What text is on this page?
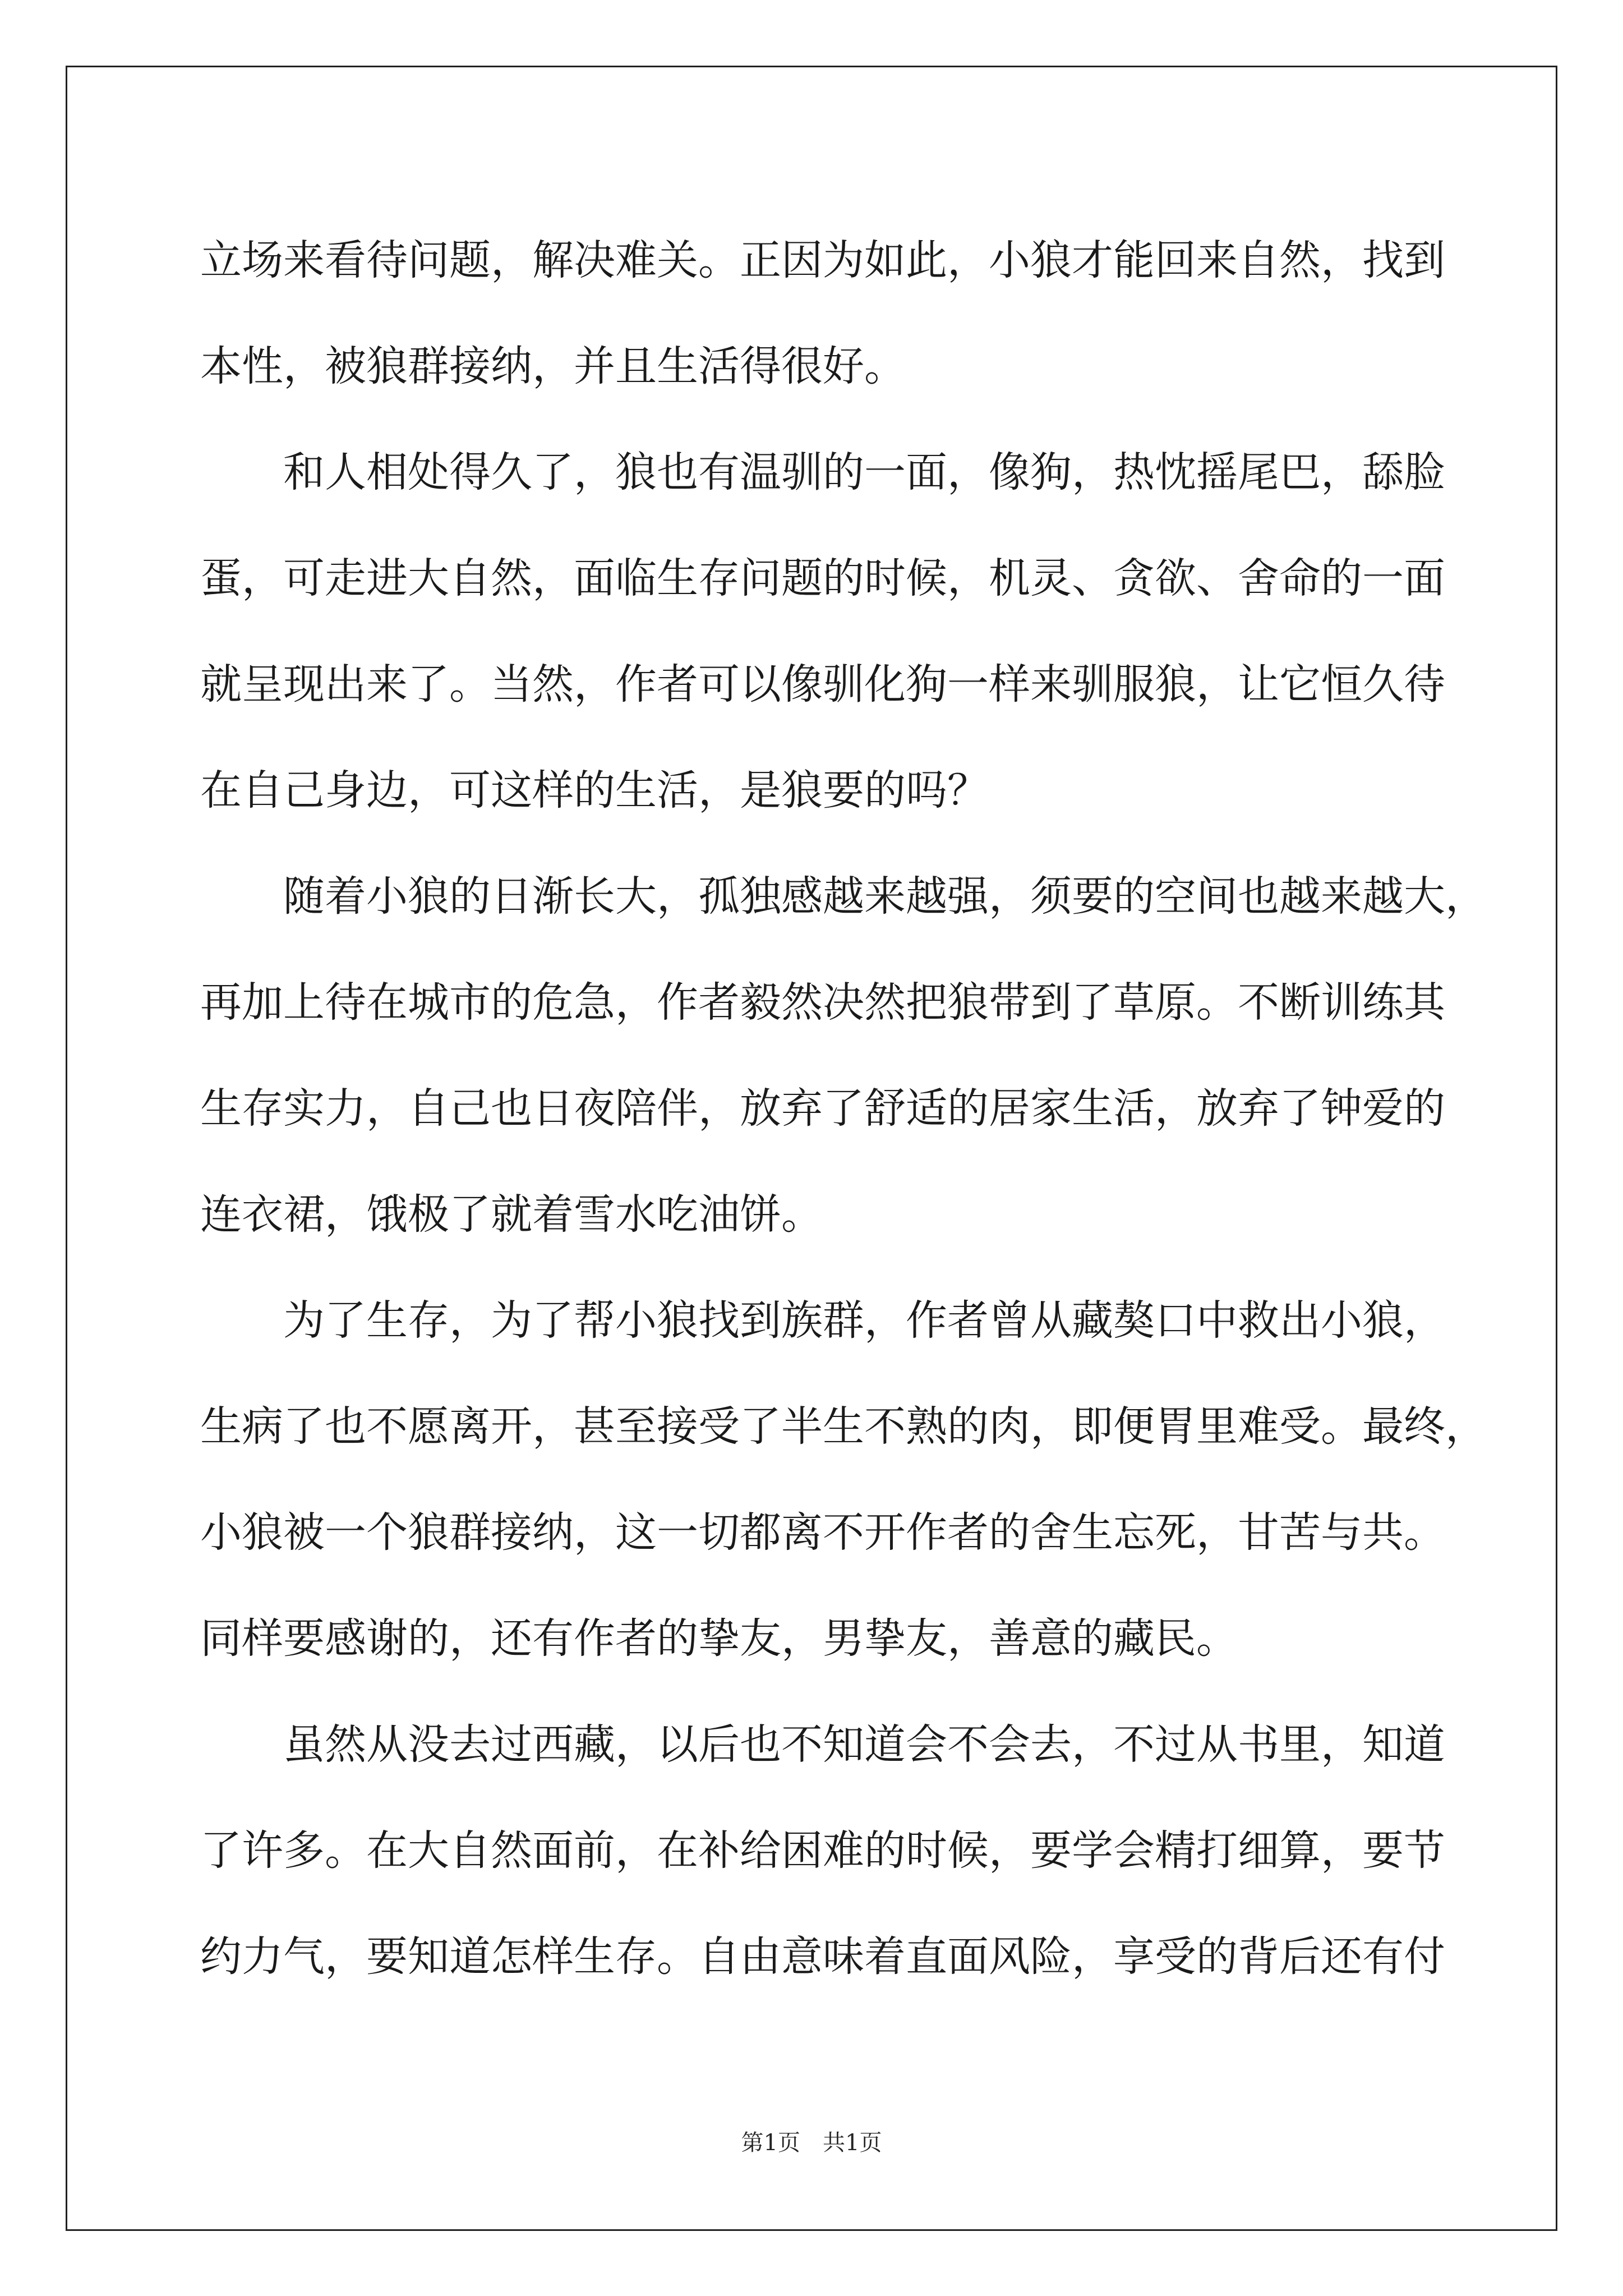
立场来看待问题，解决难关。正因为如此，小狼才能回来自然，找到
本性，被狼群接纳，并且生活得很好。
和人相处得久了，狼也有温驯的一面，像狗，热忱摇尾巴，舔脸
蛋，可走进大自然，面临生存问题的时候，机灵、贪欲、舍命的一面
就呈现出来了。当然，作者可以像驯化狗一样来驯服狼，让它恒久待
在自己身边，可这样的生活，是狼要的吗？
随着小狼的日渐长大，孤独感越来越强，须要的空间也越来越大，
再加上待在城市的危急，作者毅然决然把狼带到了草原。不断训练其
生存实力，自己也日夜陪伴，放弃了舒适的居家生活，放弃了钟爱的
连衣裙，饿极了就着雪水吃油饼。
为了生存，为了帮小狼找到族群，作者曾从藏獒口中救出小狼，
生病了也不愿离开，甚至接受了半生不熟的肉，即便胃里难受。最终，
小狼被一个狼群接纳，这一切都离不开作者的舍生忘死，甘苦与共。
同样要感谢的，还有作者的挚友，男挚友，善意的藏民。
虽然从没去过西藏，以后也不知道会不会去，不过从书里，知道
了许多。在大自然面前，在补给困难的时候，要学会精打细算，要节
约力气，要知道怎样生存。自由意味着直面风险，享受的背后还有付
第1页　共1页
